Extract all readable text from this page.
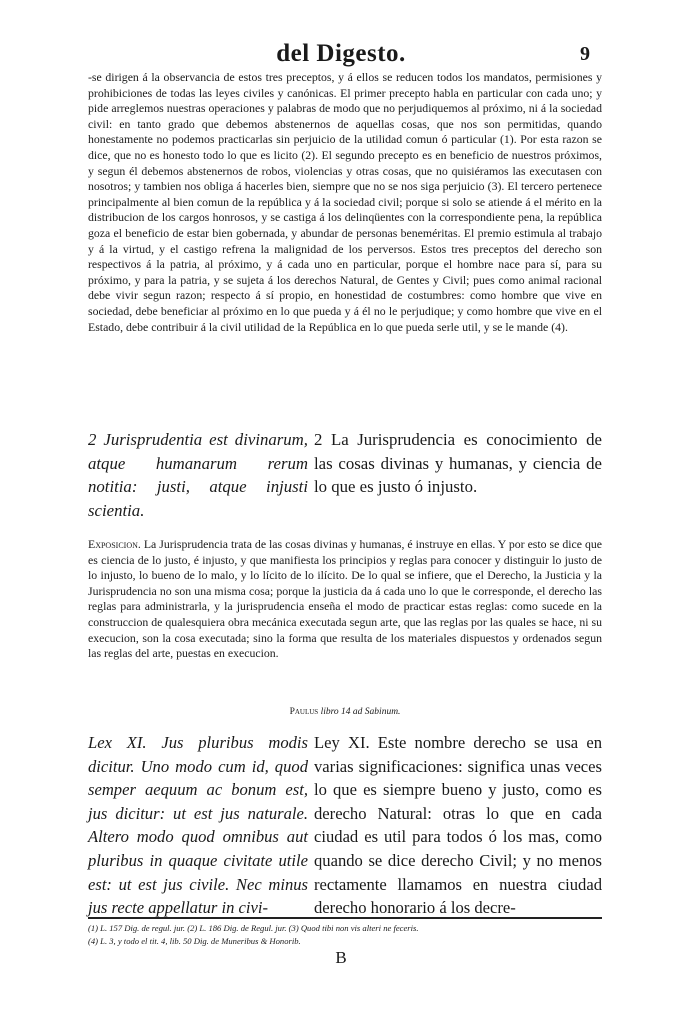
del Digesto.	9

-se dirigen á la observancia de estos tres preceptos, y á ellos se reducen todos los mandatos, permisiones y prohibiciones de todas las leyes civiles y canónicas. El primer precepto habla en particular con cada uno; y pide arreglemos nuestras operaciones y palabras de modo que no perjudiquemos al próximo, ni á la sociedad civil: en tanto grado que debemos abstenernos de aquellas cosas, que nos son permitidas, quando honestamente no podemos practicarlas sin perjuicio de la utilidad comun ó particular (1). Por esta razon se dice, que no es honesto todo lo que es licito (2). El segundo precepto es en beneficio de nuestros próximos, y segun él debemos abstenernos de robos, violencias y otras cosas, que no quisiéramos las executasen con nosotros; y tambien nos obliga á hacerles bien, siempre que no se nos siga perjuicio (3). El tercero pertenece principalmente al bien comun de la república y á la sociedad civil; porque si solo se atiende á el mérito en la distribucion de los cargos honrosos, y se castiga á los delinqüentes con la correspondiente pena, la república goza el beneficio de estar bien gobernada, y abundar de personas beneméritas. El premio estimula al trabajo y á la virtud, y el castigo refrena la malignidad de los perversos. Estos tres preceptos del derecho son respectivos á la patria, al próximo, y á cada uno en particular, porque el hombre nace para sí, para su próximo, y para la patria, y se sujeta á los derechos Natural, de Gentes y Civil; pues como animal racional debe vivir segun razon; respecto á sí propio, en honestidad de costumbres: como hombre que vive en sociedad, debe beneficiar al próximo en lo que pueda y á él no le perjudique; y como hombre que vive en el Estado, debe contribuir á la civil utilidad de la República en lo que pueda serle util, y se le mande (4).

2 Jurisprudentia est divinarum, atque humanarum rerum notitia: justi, atque injusti scientia.
2 La Jurisprudencia es conocimiento de las cosas divinas y humanas, y ciencia de lo que es justo ó injusto.

Exposicion. La Jurisprudencia trata de las cosas divinas y humanas, é instruye en ellas. Y por esto se dice que es ciencia de lo justo, é injusto, y que manifiesta los principios y reglas para conocer y distinguir lo justo de lo injusto, lo bueno de lo malo, y lo lícito de lo ilícito. De lo qual se infiere, que el Derecho, la Justicia y la Jurisprudencia no son una misma cosa; porque la justicia da á cada uno lo que le corresponde, el derecho las reglas para administrarla, y la jurisprudencia enseña el modo de practicar estas reglas: como sucede en la construccion de qualesquiera obra mecánica executada segun arte, que las reglas por las quales se hace, ni su execucion, son la cosa executada; sino la forma que resulta de los materiales dispuestos y ordenados segun las reglas del arte, puestas en execucion.

Paulus libro 14 ad Sabinum.
Lex XI. Jus pluribus modis dicitur. Uno modo cum id, quod semper aequum ac bonum est, jus dicitur: ut est jus naturale. Altero modo quod omnibus aut pluribus in quaque civitate utile est: ut est jus civile. Nec minus jus recte appellatur in civi-
Ley XI. Este nombre derecho se usa en varias significaciones: significa unas veces lo que es siempre bueno y justo, como es derecho Natural: otras lo que en cada ciudad es util para todos ó los mas, como quando se dice derecho Civil; y no menos rectamente llamamos en nuestra ciudad derecho honorario á los decre-
(1) L. 157 Dig. de regul. jur. (2) L. 186 Dig. de Regul. jur. (3) Quod tibi non vis alteri ne feceris.
(4) L. 3, y todo el tit. 4, lib. 50 Dig. de Muneribus & Honorib.
B
